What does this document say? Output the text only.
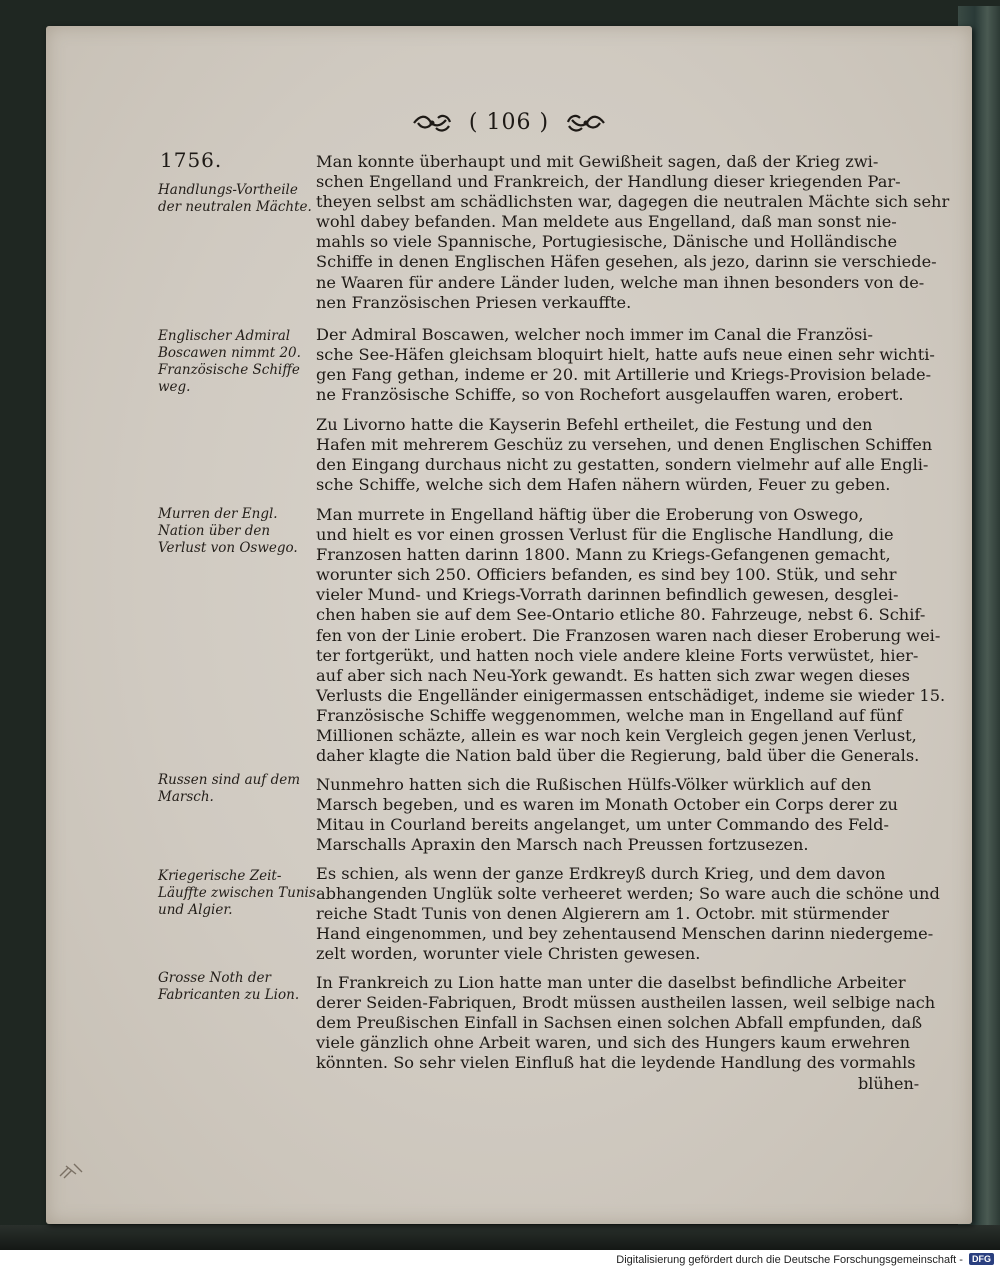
( 106 )
1756.
Handlungs-Vortheile der neutralen Mächte.
Englischer Admiral Boscawen nimmt 20. Französische Schiffe weg.
Murren der Engl. Nation über den Verlust von Oswego.
Russen sind auf dem Marsch.
Kriegerische Zeit-Läuffte zwischen Tunis und Algier.
Grosse Noth der Fabricanten zu Lion.

Man konnte überhaupt und mit Gewißheit sagen, daß der Krieg zwi-
schen Engelland und Frankreich, der Handlung dieser kriegenden Par-
theyen selbst am schädlichsten war, dagegen die neutralen Mächte sich sehr
wohl dabey befanden. Man meldete aus Engelland, daß man sonst nie-
mahls so viele Spannische, Portugiesische, Dänische und Holländische
Schiffe in denen Englischen Häfen gesehen, als jezo, darinn sie verschiede-
ne Waaren für andere Länder luden, welche man ihnen besonders von de-
nen Französischen Priesen verkauffte.

Der Admiral Boscawen, welcher noch immer im Canal die Französi-
sche See-Häfen gleichsam bloquirt hielt, hatte aufs neue einen sehr wichti-
gen Fang gethan, indeme er 20. mit Artillerie und Kriegs-Provision belade-
ne Französische Schiffe, so von Rochefort ausgelauffen waren, erobert.

Zu Livorno hatte die Kayserin Befehl ertheilet, die Festung und den
Hafen mit mehrerem Geschüz zu versehen, und denen Englischen Schiffen
den Eingang durchaus nicht zu gestatten, sondern vielmehr auf alle Engli-
sche Schiffe, welche sich dem Hafen nähern würden, Feuer zu geben.

Man murrete in Engelland häftig über die Eroberung von Oswego,
und hielt es vor einen grossen Verlust für die Englische Handlung, die
Franzosen hatten darinn 1800. Mann zu Kriegs-Gefangenen gemacht,
worunter sich 250. Officiers befanden, es sind bey 100. Stük, und sehr
vieler Mund- und Kriegs-Vorrath darinnen befindlich gewesen, desglei-
chen haben sie auf dem See-Ontario etliche 80. Fahrzeuge, nebst 6. Schif-
fen von der Linie erobert. Die Franzosen waren nach dieser Eroberung wei-
ter fortgerükt, und hatten noch viele andere kleine Forts verwüstet, hier-
auf aber sich nach Neu-York gewandt. Es hatten sich zwar wegen dieses
Verlusts die Engelländer einigermassen entschädiget, indeme sie wieder 15.
Französische Schiffe weggenommen, welche man in Engelland auf fünf
Millionen schäzte, allein es war noch kein Vergleich gegen jenen Verlust,
daher klagte die Nation bald über die Regierung, bald über die Generals.

Nunmehro hatten sich die Rußischen Hülfs-Völker würklich auf den
Marsch begeben, und es waren im Monath October ein Corps derer zu
Mitau in Courland bereits angelanget, um unter Commando des Feld-
Marschalls Apraxin den Marsch nach Preussen fortzusezen.

Es schien, als wenn der ganze Erdkreyß durch Krieg, und dem davon
abhangenden Unglük solte verheeret werden; So ware auch die schöne und
reiche Stadt Tunis von denen Algierern am 1. Octobr. mit stürmender
Hand eingenommen, und bey zehentausend Menschen darinn niedergeme-
zelt worden, worunter viele Christen gewesen.

In Frankreich zu Lion hatte man unter die daselbst befindliche Arbeiter
derer Seiden-Fabriquen, Brodt müssen austheilen lassen, weil selbige nach
dem Preußischen Einfall in Sachsen einen solchen Abfall empfunden, daß
viele gänzlich ohne Arbeit waren, und sich des Hungers kaum erwehren
könnten. So sehr vielen Einfluß hat die leydende Handlung des vormahls

blühen-
Digitalisierung gefördert durch die Deutsche Forschungsgemeinschaft - DFG
